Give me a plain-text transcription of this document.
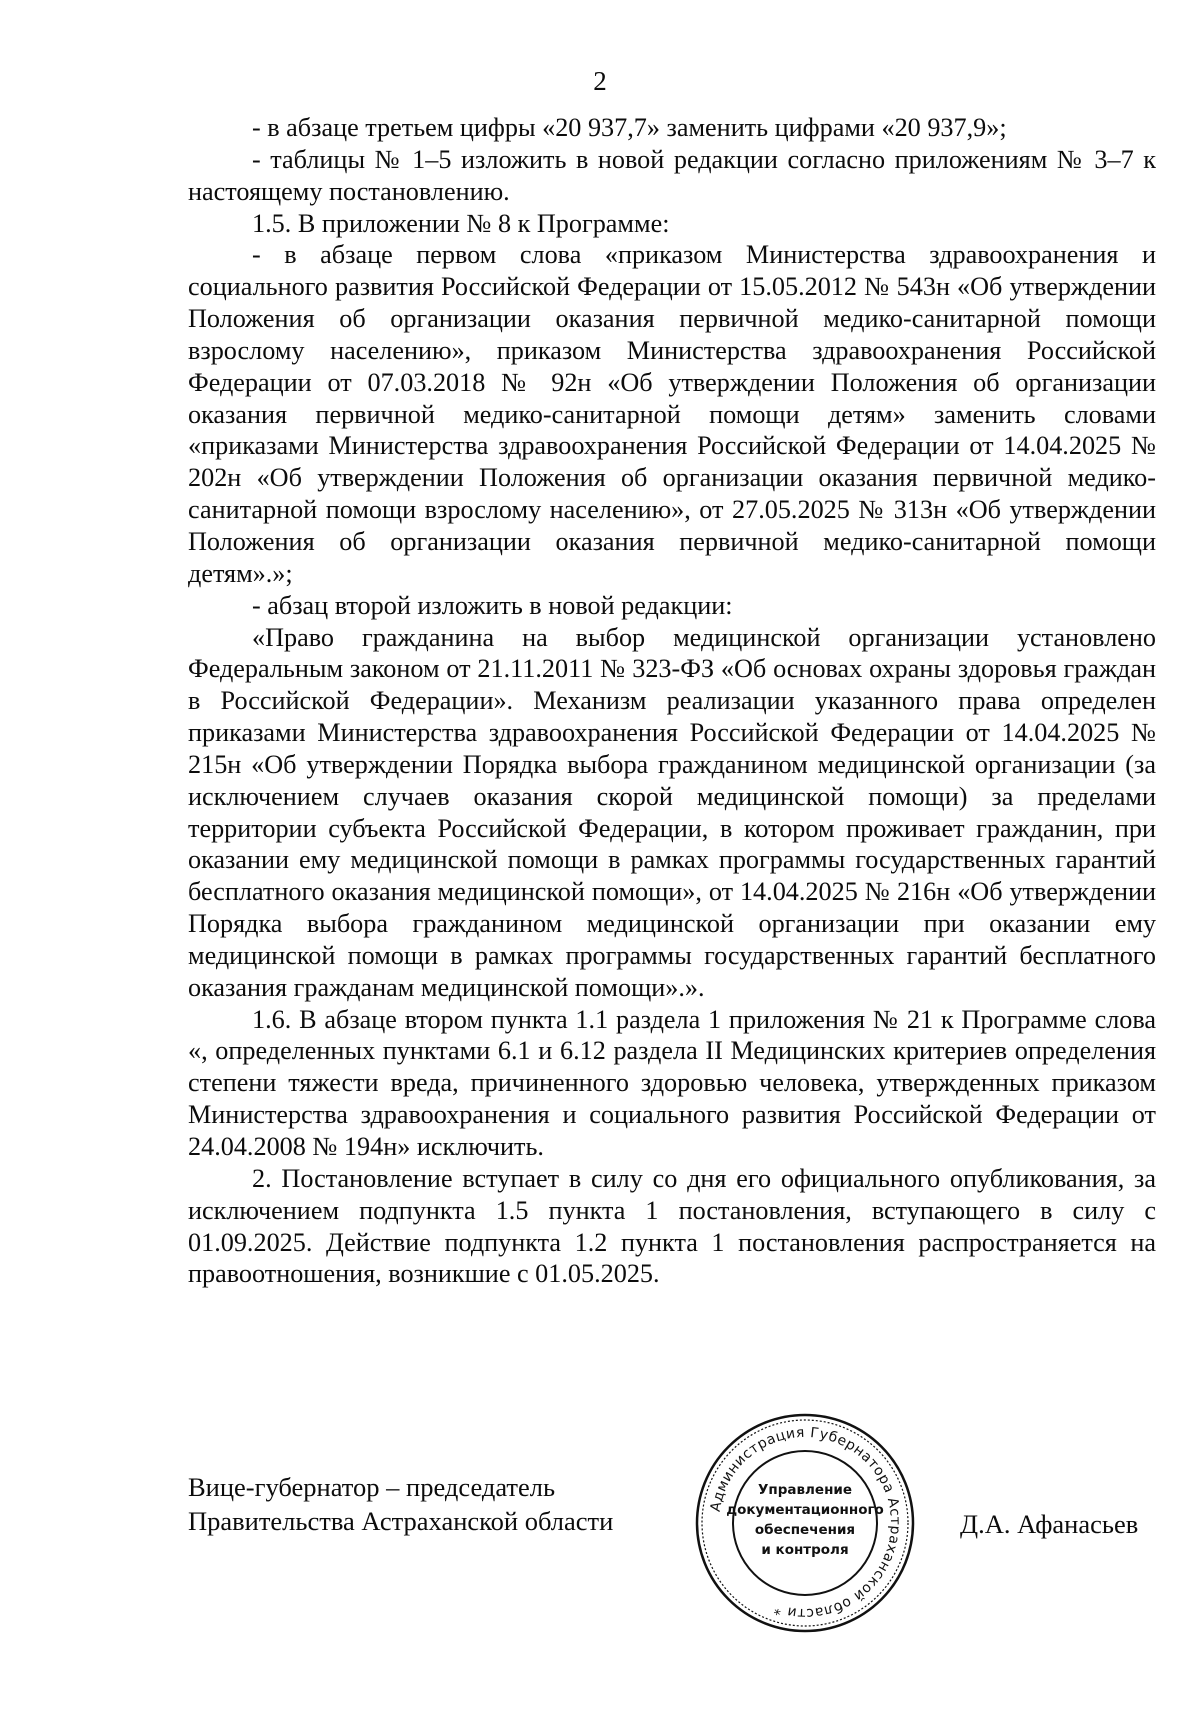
2

- в абзаце третьем цифры «20 937,7» заменить цифрами «20 937,9»;

- таблицы № 1–5 изложить в новой редакции согласно приложениям № 3–7 к настоящему постановлению.

1.5. В приложении № 8 к Программе:

- в абзаце первом слова «приказом Министерства здравоохранения и социального развития Российской Федерации от 15.05.2012 № 543н «Об утверждении Положения об организации оказания первичной медико-санитарной помощи взрослому населению», приказом Министерства здравоохранения Российской Федерации от 07.03.2018 № 92н «Об утверждении Положения об организации оказания первичной медико-санитарной помощи детям» заменить словами «приказами Министерства здравоохранения Российской Федерации от 14.04.2025 № 202н «Об утверждении Положения об организации оказания первичной медико-санитарной помощи взрослому населению», от 27.05.2025 № 313н «Об утверждении Положения об организации оказания первичной медико-санитарной помощи детям».»;

- абзац второй изложить в новой редакции:

«Право гражданина на выбор медицинской организации установлено Федеральным законом от 21.11.2011 № 323-ФЗ «Об основах охраны здоровья граждан в Российской Федерации». Механизм реализации указанного права определен приказами Министерства здравоохранения Российской Федерации от 14.04.2025 № 215н «Об утверждении Порядка выбора гражданином медицинской организации (за исключением случаев оказания скорой медицинской помощи) за пределами территории субъекта Российской Федерации, в котором проживает гражданин, при оказании ему медицинской помощи в рамках программы государственных гарантий бесплатного оказания медицинской помощи», от 14.04.2025 № 216н «Об утверждении Порядка выбора гражданином медицинской организации при оказании ему медицинской помощи в рамках программы государственных гарантий бесплатного оказания гражданам медицинской помощи».».

1.6. В абзаце втором пункта 1.1 раздела 1 приложения № 21 к Программе слова «, определенных пунктами 6.1 и 6.12 раздела II Медицинских критериев определения степени тяжести вреда, причиненного здоровью человека, утвержденных приказом Министерства здравоохранения и социального развития Российской Федерации от 24.04.2008 № 194н» исключить.

2. Постановление вступает в силу со дня его официального опубликования, за исключением подпункта 1.5 пункта 1 постановления, вступающего в силу с 01.09.2025. Действие подпункта 1.2 пункта 1 постановления распространяется на правоотношения, возникшие с 01.05.2025.

Вице-губернатор – председатель
Правительства Астраханской области	Администрация Губернатора Астраханской области *
Управление
документационного
обеспечения
и контроля
Д.А. Афанасьев
